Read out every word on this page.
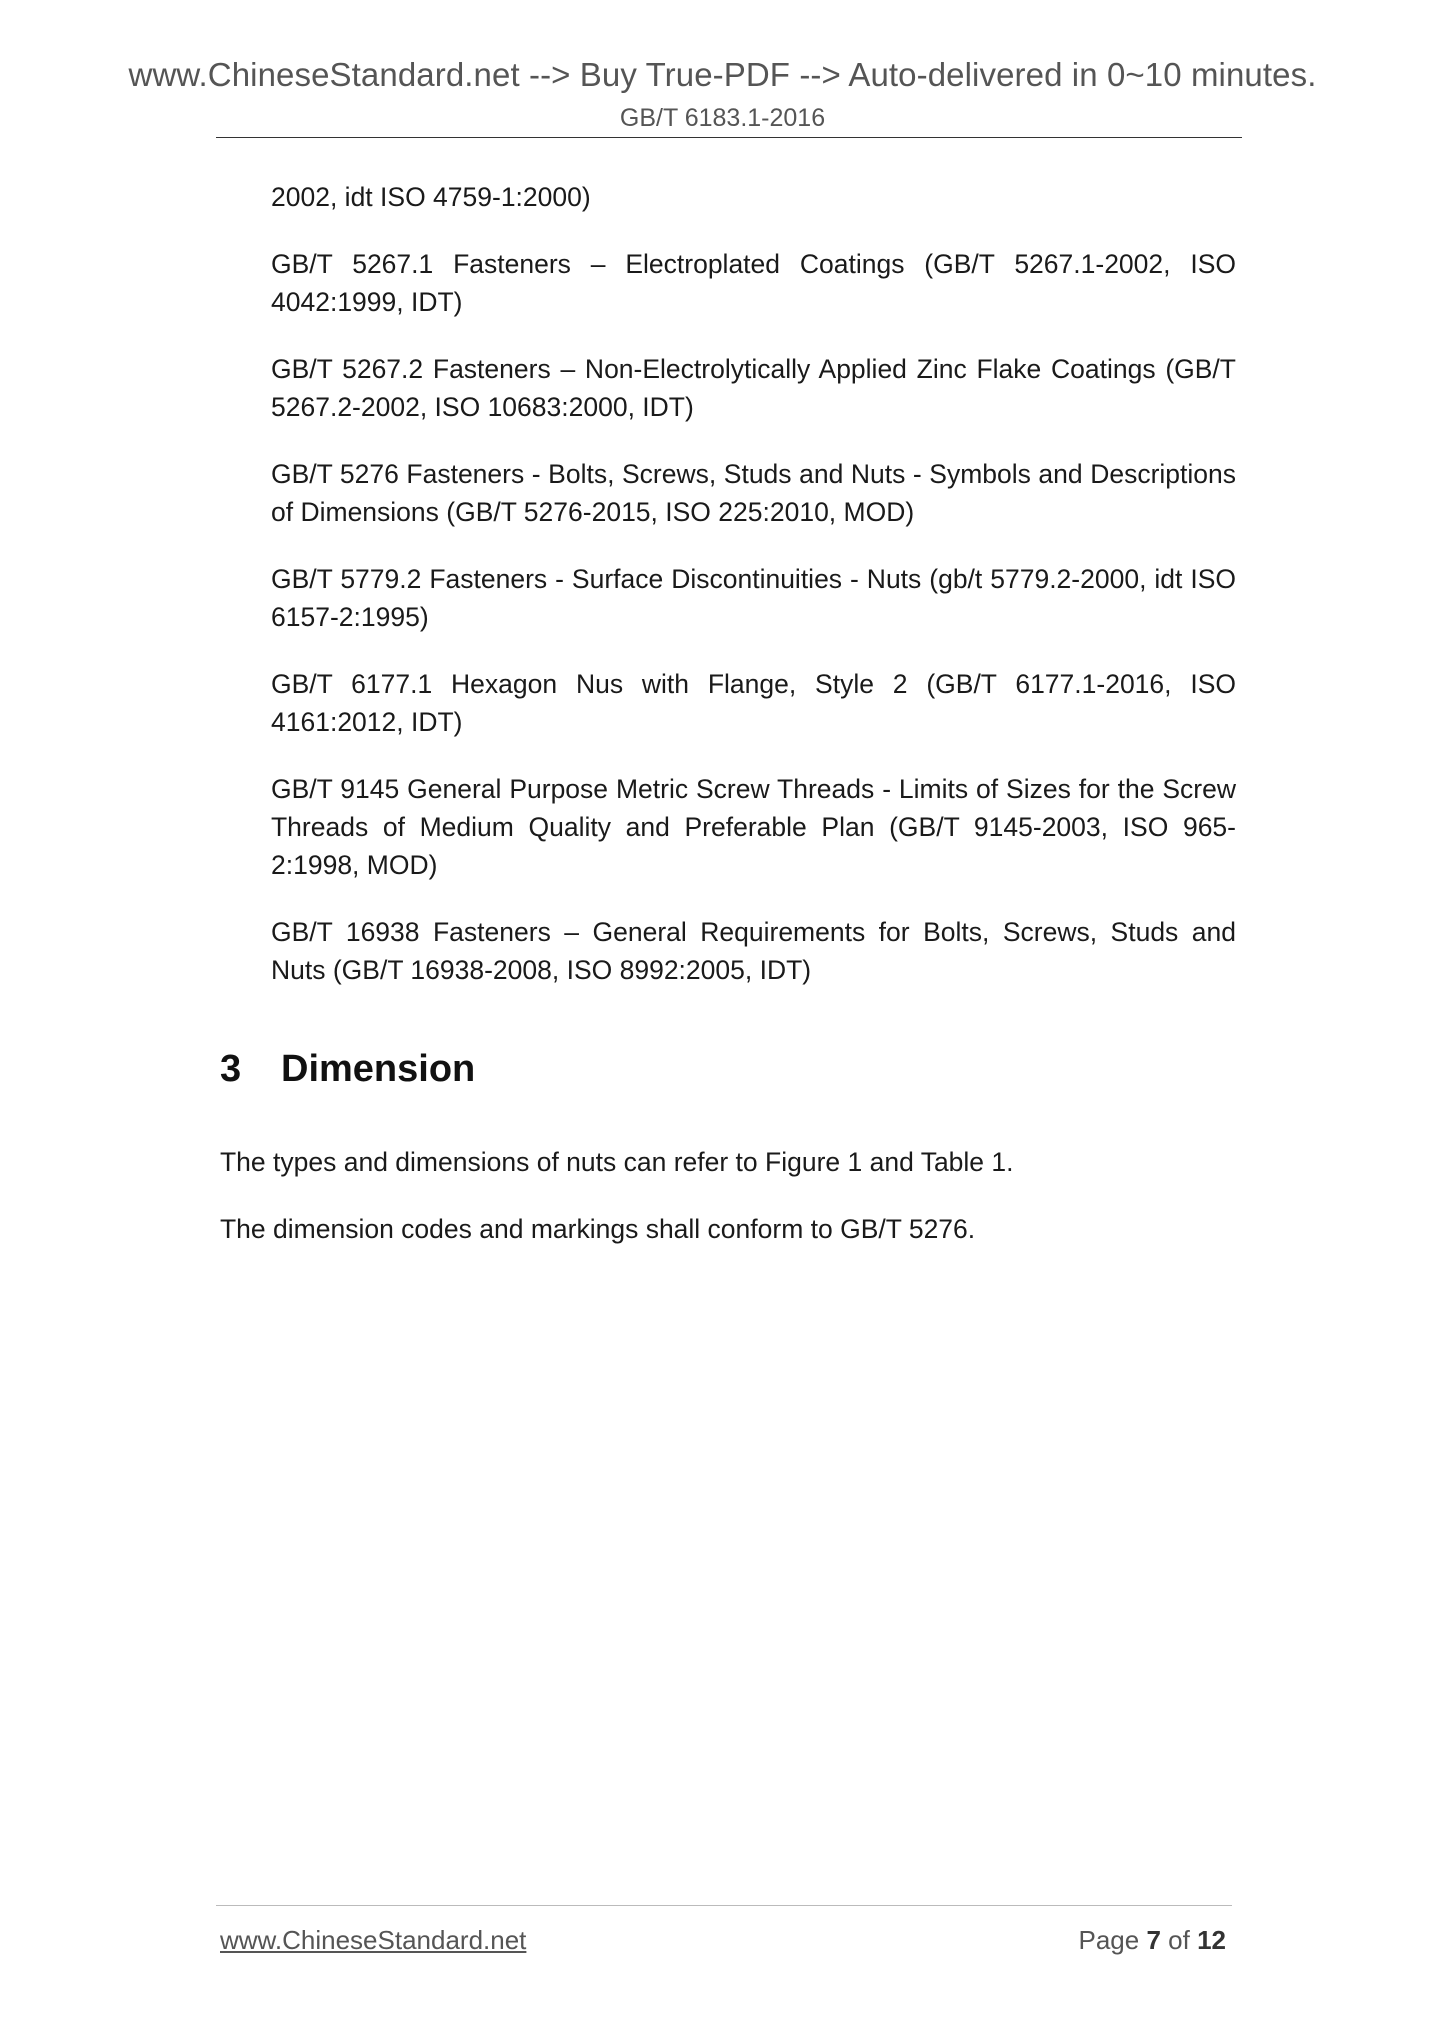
www.ChineseStandard.net --> Buy True-PDF --> Auto-delivered in 0~10 minutes.
GB/T 6183.1-2016

2002, idt ISO 4759-1:2000)

GB/T 5267.1 Fasteners – Electroplated Coatings (GB/T 5267.1-2002, ISO 4042:1999, IDT)

GB/T 5267.2 Fasteners – Non-Electrolytically Applied Zinc Flake Coatings (GB/T 5267.2-2002, ISO 10683:2000, IDT)

GB/T 5276 Fasteners - Bolts, Screws, Studs and Nuts - Symbols and Descriptions of Dimensions (GB/T 5276-2015, ISO 225:2010, MOD)

GB/T 5779.2 Fasteners - Surface Discontinuities - Nuts (gb/t 5779.2-2000, idt ISO 6157-2:1995)

GB/T 6177.1 Hexagon Nus with Flange, Style 2 (GB/T 6177.1-2016, ISO 4161:2012, IDT)

GB/T 9145 General Purpose Metric Screw Threads - Limits of Sizes for the Screw Threads of Medium Quality and Preferable Plan (GB/T 9145-2003, ISO 965-2:1998, MOD)

GB/T 16938 Fasteners – General Requirements for Bolts, Screws, Studs and Nuts (GB/T 16938-2008, ISO 8992:2005, IDT)

3 Dimension
The types and dimensions of nuts can refer to Figure 1 and Table 1.
The dimension codes and markings shall conform to GB/T 5276.
www.ChineseStandard.net	Page 7 of 12
